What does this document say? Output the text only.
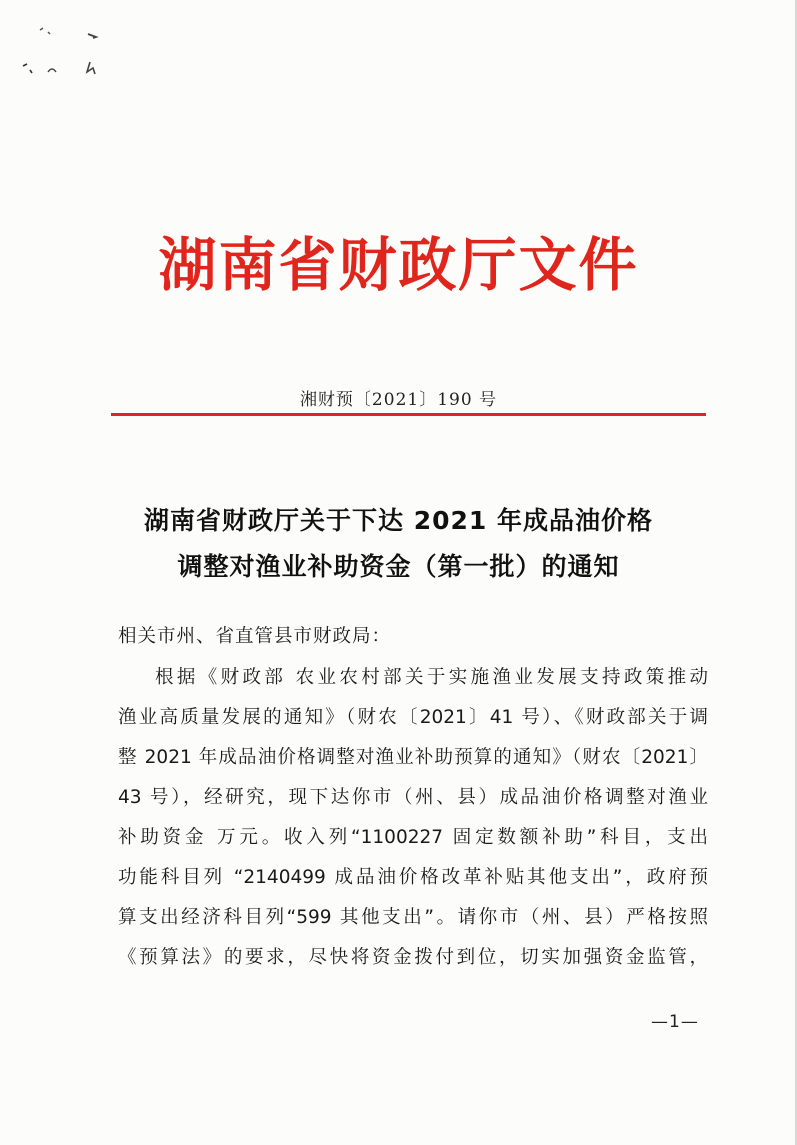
湖南省财政厅文件
湘财预〔2021〕190 号
湖南省财政厅关于下达 2021 年成品油价格
调整对渔业补助资金（第一批）的通知
相关市州、省直管县市财政局：
根据《财政部 农业农村部关于实施渔业发展支持政策推动
渔业高质量发展的通知》（财农〔2021〕41 号）、《财政部关于调
整 2021 年成品油价格调整对渔业补助预算的通知》（财农〔2021〕
43 号），经研究，现下达你市（州、县）成品油价格调整对渔业
补助资金 万元。收入列“1100227 固定数额补助”科目，支出
功能科目列 “2140499 成品油价格改革补贴其他支出”，政府预
算支出经济科目列“599 其他支出”。请你市（州、县）严格按照
《预算法》的要求，尽快将资金拨付到位，切实加强资金监管，
—1—
